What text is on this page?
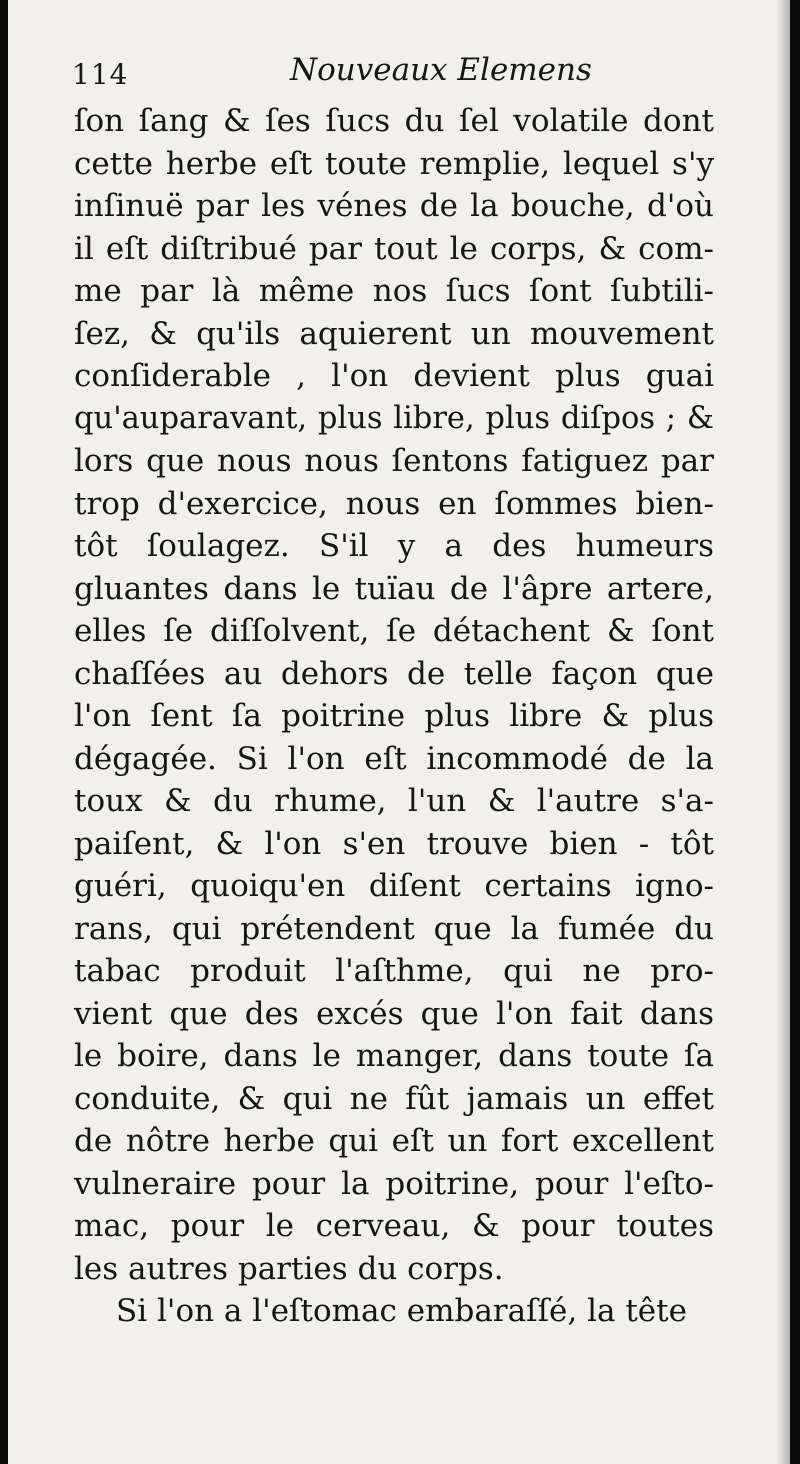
114	Nouveaux Elemens
ſon ſang & ſes ſucs du ſel volatile dont
cette herbe eſt toute remplie, lequel s'y
inſinuë par les vénes de la bouche, d'où
il eſt diſtribué par tout le corps, & com-
me par là même nos ſucs ſont ſubtili-
ſez, & qu'ils aquierent un mouvement
conſiderable , l'on devient plus guai
qu'auparavant, plus libre, plus diſpos ; &
lors que nous nous ſentons fatiguez par
trop d'exercice, nous en ſommes bien-
tôt ſoulagez. S'il y a des humeurs
gluantes dans le tuïau de l'âpre artere,
elles ſe diſſolvent, ſe détachent & ſont
chaſſées au dehors de telle façon que
l'on ſent ſa poitrine plus libre & plus
dégagée. Si l'on eſt incommodé de la
toux & du rhume, l'un & l'autre s'a-
paiſent, & l'on s'en trouve bien - tôt
guéri, quoiqu'en diſent certains igno-
rans, qui prétendent que la fumée du
tabac produit l'aſthme, qui ne pro-
vient que des excés que l'on fait dans
le boire, dans le manger, dans toute ſa
conduite, & qui ne fût jamais un effet
de nôtre herbe qui eſt un fort excellent
vulneraire pour la poitrine, pour l'eſto-
mac, pour le cerveau, & pour toutes
les autres parties du corps.
Si l'on a l'eſtomac embaraſſé, la tête
